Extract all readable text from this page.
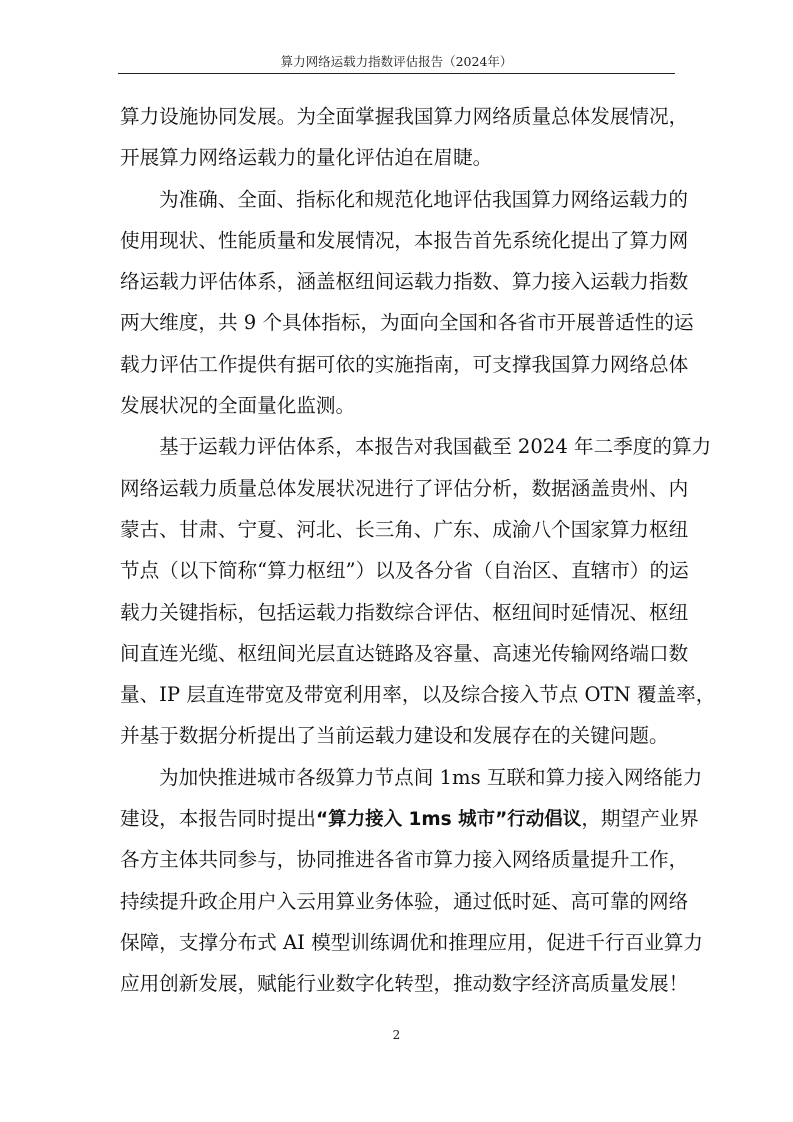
算力网络运载力指数评估报告（2024年）

算力设施协同发展。为全面掌握我国算力网络质量总体发展情况，

开展算力网络运载力的量化评估迫在眉睫。

为准确、全面、指标化和规范化地评估我国算力网络运载力的

使用现状、性能质量和发展情况，本报告首先系统化提出了算力网

络运载力评估体系，涵盖枢纽间运载力指数、算力接入运载力指数

两大维度，共 9 个具体指标，为面向全国和各省市开展普适性的运

载力评估工作提供有据可依的实施指南，可支撑我国算力网络总体

发展状况的全面量化监测。

基于运载力评估体系，本报告对我国截至 2024 年二季度的算力

网络运载力质量总体发展状况进行了评估分析，数据涵盖贵州、内

蒙古、甘肃、宁夏、河北、长三角、广东、成渝八个国家算力枢纽

节点（以下简称“算力枢纽”）以及各分省（自治区、直辖市）的运

载力关键指标，包括运载力指数综合评估、枢纽间时延情况、枢纽

间直连光缆、枢纽间光层直达链路及容量、高速光传输网络端口数

量、IP 层直连带宽及带宽利用率，以及综合接入节点 OTN 覆盖率，

并基于数据分析提出了当前运载力建设和发展存在的关键问题。

为加快推进城市各级算力节点间 1ms 互联和算力接入网络能力

建设，本报告同时提出“算力接入 1ms 城市”行动倡议，期望产业界

各方主体共同参与，协同推进各省市算力接入网络质量提升工作，

持续提升政企用户入云用算业务体验，通过低时延、高可靠的网络

保障，支撑分布式 AI 模型训练调优和推理应用，促进千行百业算力

应用创新发展，赋能行业数字化转型，推动数字经济高质量发展！

2
